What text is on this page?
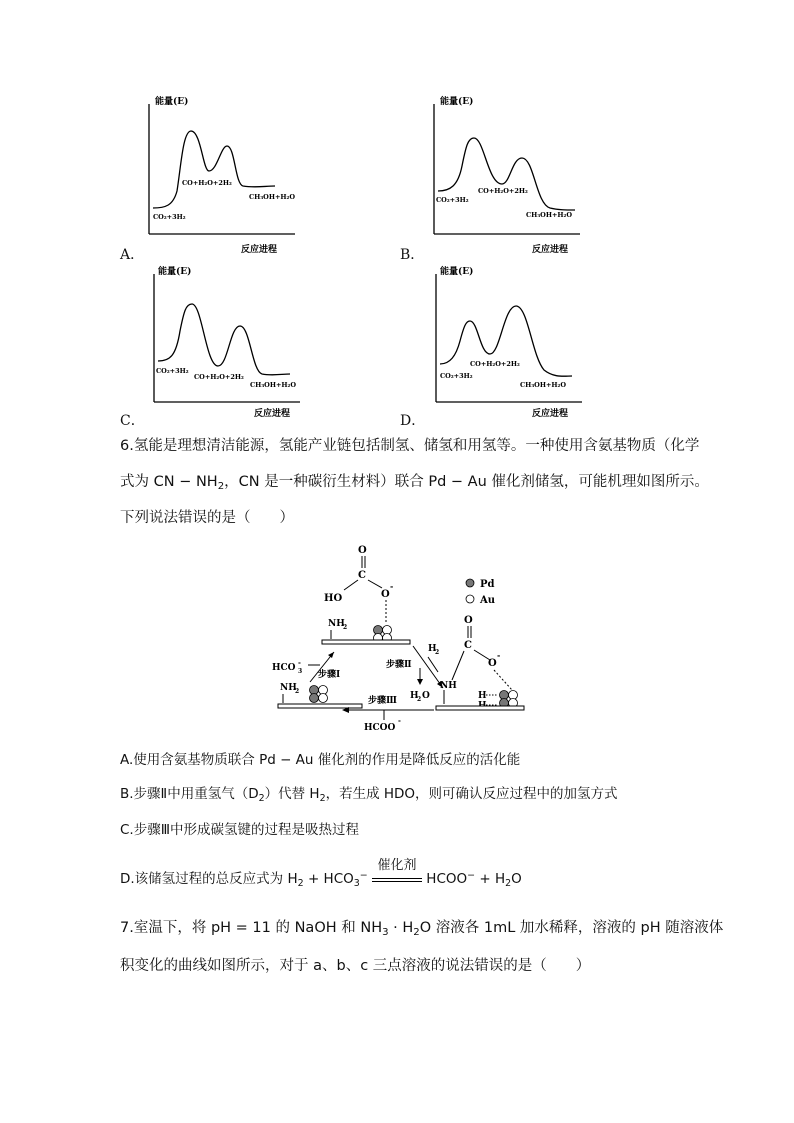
能量(E)
反应进程
CO₂+3H₂
CO+H₂O+2H₂
CH₃OH+H₂O
A．
能量(E)
反应进程
CO₂+3H₂
CO+H₂O+2H₂
CH₃OH+H₂O
B．
能量(E)
反应进程
CO₂+3H₂
CO+H₂O+2H₂
CH₃OH+H₂O
C．
能量(E)
反应进程
CO₂+3H₂
CO+H₂O+2H₂
CH₃OH+H₂O
D．
6.氢能是理想清洁能源，氢能产业链包括制氢、储氢和用氢等。一种使用含氨基物质（化学
式为 CN − $NH_2$，CN 是一种碳衍生材料）联合 Pd − Au 催化剂储氢，可能机理如图所示。
下列说法错误的是（　　）
O
C
HO	O
-	Pd
Au
NH
2
HCO 3
-
步骤Ⅰ
步骤Ⅱ
H
2
H
2 O
O
C
O
-
NH
H
NH
2
步骤Ⅲ
HCOO
-
A.使用含氨基物质联合 Pd − Au 催化剂的作用是降低反应的活化能
B.步骤Ⅱ中用重氢气$(D_2)$代替 $H_2$，若生成 HDO，则可确认反应过程中的加氢方式
C.步骤Ⅲ中形成碳氢键的过程是吸热过程
D.该储氢过程的总反应式为 $H_2 + HCO_3^-$
催化剂
HCOO− + $H_2O$
7.室温下，将 pH = 11 的 NaOH 和 $NH_3 \cdot H_2O$ 溶液各 1mL 加水稀释，溶液的 pH 随溶液体
积变化的曲线如图所示，对于 a、b、c 三点溶液的说法错误的是（　　）
